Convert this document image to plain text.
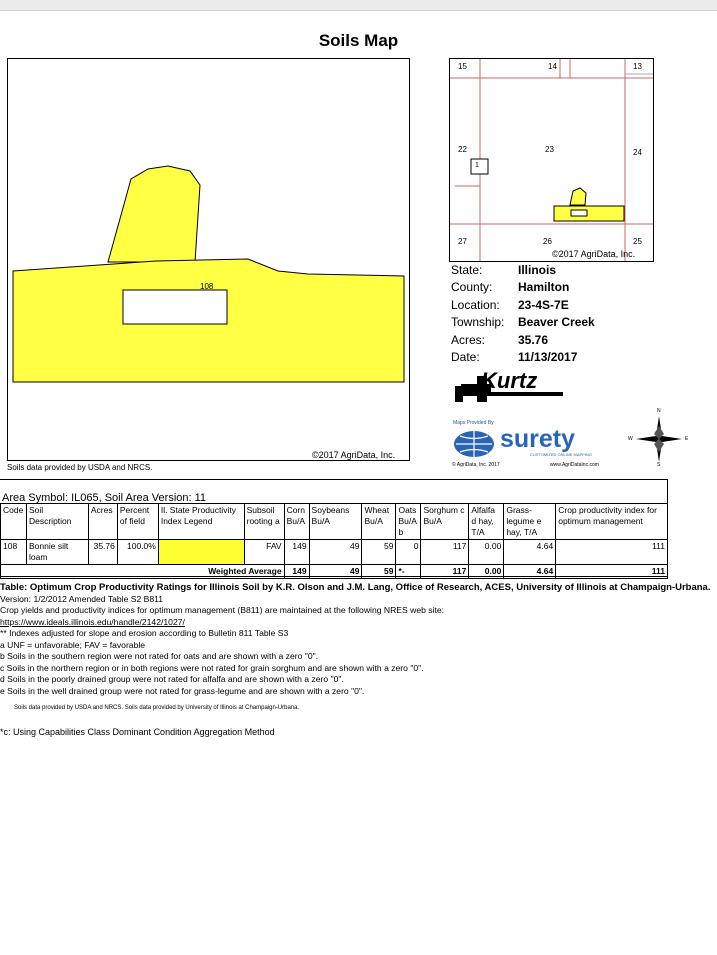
Soils Map
108
©2017 AgriData, Inc.
Soils data provided by USDA and NRCS.
15	14	13
22	23	24
27	26	25
1
©2017 AgriData, Inc.
State:	Illinois
County:	Hamilton
Location:	23-4S-7E
Township:	Beaver Creek
Acres:	35.76
Date:	11/13/2017
Kurtz
Maps Provided By
surety
CUSTOMIZED ONLINE MAPPING
© AgriData, Inc. 2017	www.AgriDataInc.com
N
S
W	E
Area Symbol: IL065, Soil Area Version: 11
Code	Soil Description	Acres	Percent of field	Il. State Productivity Index Legend	Subsoil rooting a	Corn Bu/A	Soybeans Bu/A	Wheat Bu/A	Oats Bu/A b	Sorghum c Bu/A	Alfalfa d hay, T/A	Grass-legume e hay, T/A	Crop productivity index for optimum management
108	Bonnie silt loam	35.76	100.0%		FAV	149	49	59	0	117	0.00	4.64	111
Weighted Average						149	49	59	*-	117	0.00	4.64	111
Table: Optimum Crop Productivity Ratings for Illinois Soil by K.R. Olson and J.M. Lang, Office of Research, ACES, University of Illinois at Champaign-Urbana. Version: 1/2/2012 Amended Table S2 B811
Crop yields and productivity indices for optimum management (B811) are maintained at the following NRES web site:
https://www.ideals.illinois.edu/handle/2142/1027/
** Indexes adjusted for slope and erosion according to Bulletin 811 Table S3
a UNF = unfavorable; FAV = favorable
b Soils in the southern region were not rated for oats and are shown with a zero "0".
c Soils in the northern region or in both regions were not rated for grain sorghum and are shown with a zero "0".
d Soils in the poorly drained group were not rated for alfalfa and are shown with a zero "0".
e Soils in the well drained group were not rated for grass-legume and are shown with a zero "0".
Soils data provided by USDA and NRCS. Soils data provided by University of Illinois at Champaign-Urbana.
*c: Using Capabilities Class Dominant Condition Aggregation Method
